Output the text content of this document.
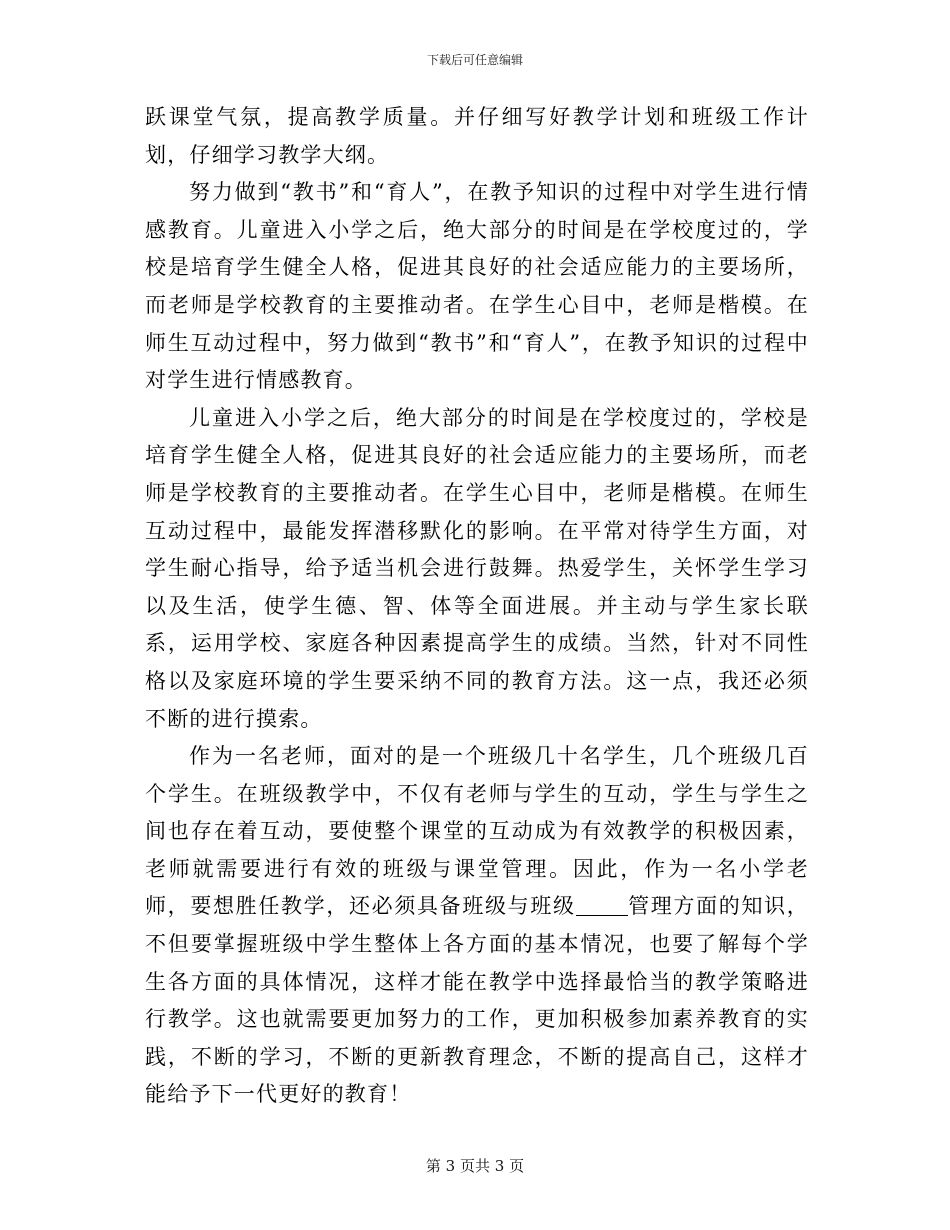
下载后可任意编辑

跃课堂气氛，提高教学质量。并仔细写好教学计划和班级工作计划，仔细学习教学大纲。

努力做到“教书”和“育人”，在教予知识的过程中对学生进行情感教育。儿童进入小学之后，绝大部分的时间是在学校度过的，学校是培育学生健全人格，促进其良好的社会适应能力的主要场所，而老师是学校教育的主要推动者。在学生心目中，老师是楷模。在师生互动过程中，努力做到“教书”和“育人”，在教予知识的过程中对学生进行情感教育。

儿童进入小学之后，绝大部分的时间是在学校度过的，学校是培育学生健全人格，促进其良好的社会适应能力的主要场所，而老师是学校教育的主要推动者。在学生心目中，老师是楷模。在师生互动过程中，最能发挥潜移默化的影响。在平常对待学生方面，对学生耐心指导，给予适当机会进行鼓舞。热爱学生，关怀学生学习以及生活，使学生德、智、体等全面进展。并主动与学生家长联系，运用学校、家庭各种因素提高学生的成绩。当然，针对不同性格以及家庭环境的学生要采纳不同的教育方法。这一点，我还必须不断的进行摸索。

作为一名老师，面对的是一个班级几十名学生，几个班级几百个学生。在班级教学中，不仅有老师与学生的互动，学生与学生之间也存在着互动，要使整个课堂的互动成为有效教学的积极因素，老师就需要进行有效的班级与课堂管理。因此，作为一名小学老师，要想胜任教学，还必须具备班级与班级 管理方面的知识，不但要掌握班级中学生整体上各方面的基本情况，也要了解每个学生各方面的具体情况，这样才能在教学中选择最恰当的教学策略进行教学。这也就需要更加努力的工作，更加积极参加素养教育的实践，不断的学习，不断的更新教育理念，不断的提高自己，这样才能给予下一代更好的教育！

第 3 页共 3 页
